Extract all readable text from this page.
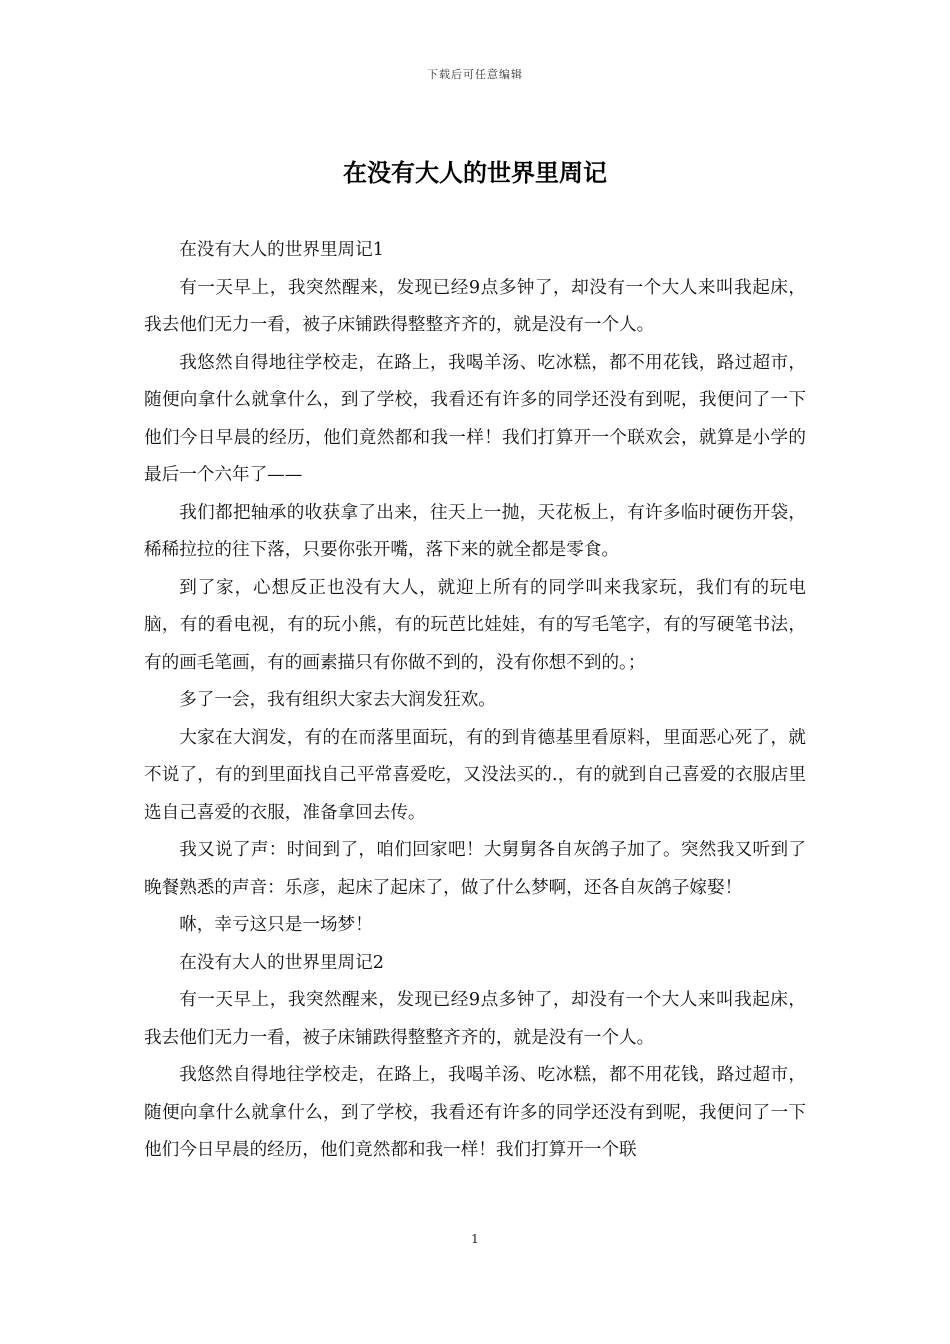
下载后可任意编辑
在没有大人的世界里周记

在没有大人的世界里周记1

有一天早上，我突然醒来，发现已经9点多钟了，却没有一个大人来叫我起床，我去他们无力一看，被子床铺跌得整整齐齐的，就是没有一个人。

我悠然自得地往学校走，在路上，我喝羊汤、吃冰糕，都不用花钱，路过超市，随便向拿什么就拿什么，到了学校，我看还有许多的同学还没有到呢，我便问了一下他们今日早晨的经历，他们竟然都和我一样！我们打算开一个联欢会，就算是小学的最后一个六年了——

我们都把轴承的收获拿了出来，往天上一抛，天花板上，有许多临时硬伤开袋，稀稀拉拉的往下落，只要你张开嘴，落下来的就全都是零食。

到了家，心想反正也没有大人，就迎上所有的同学叫来我家玩，我们有的玩电脑，有的看电视，有的玩小熊，有的玩芭比娃娃，有的写毛笔字，有的写硬笔书法，有的画毛笔画，有的画素描只有你做不到的，没有你想不到的。；

多了一会，我有组织大家去大润发狂欢。

大家在大润发，有的在而落里面玩，有的到肯德基里看原料，里面恶心死了，就不说了，有的到里面找自己平常喜爱吃，又没法买的.，有的就到自己喜爱的衣服店里选自己喜爱的衣服，准备拿回去传。

我又说了声：时间到了，咱们回家吧！大舅舅各自灰鸽子加了。突然我又听到了晚餐熟悉的声音：乐彦，起床了起床了，做了什么梦啊，还各自灰鸽子嫁娶！

咻，幸亏这只是一场梦！

在没有大人的世界里周记2

有一天早上，我突然醒来，发现已经9点多钟了，却没有一个大人来叫我起床，我去他们无力一看，被子床铺跌得整整齐齐的，就是没有一个人。

我悠然自得地往学校走，在路上，我喝羊汤、吃冰糕，都不用花钱，路过超市，随便向拿什么就拿什么，到了学校，我看还有许多的同学还没有到呢，我便问了一下他们今日早晨的经历，他们竟然都和我一样！我们打算开一个联

1
